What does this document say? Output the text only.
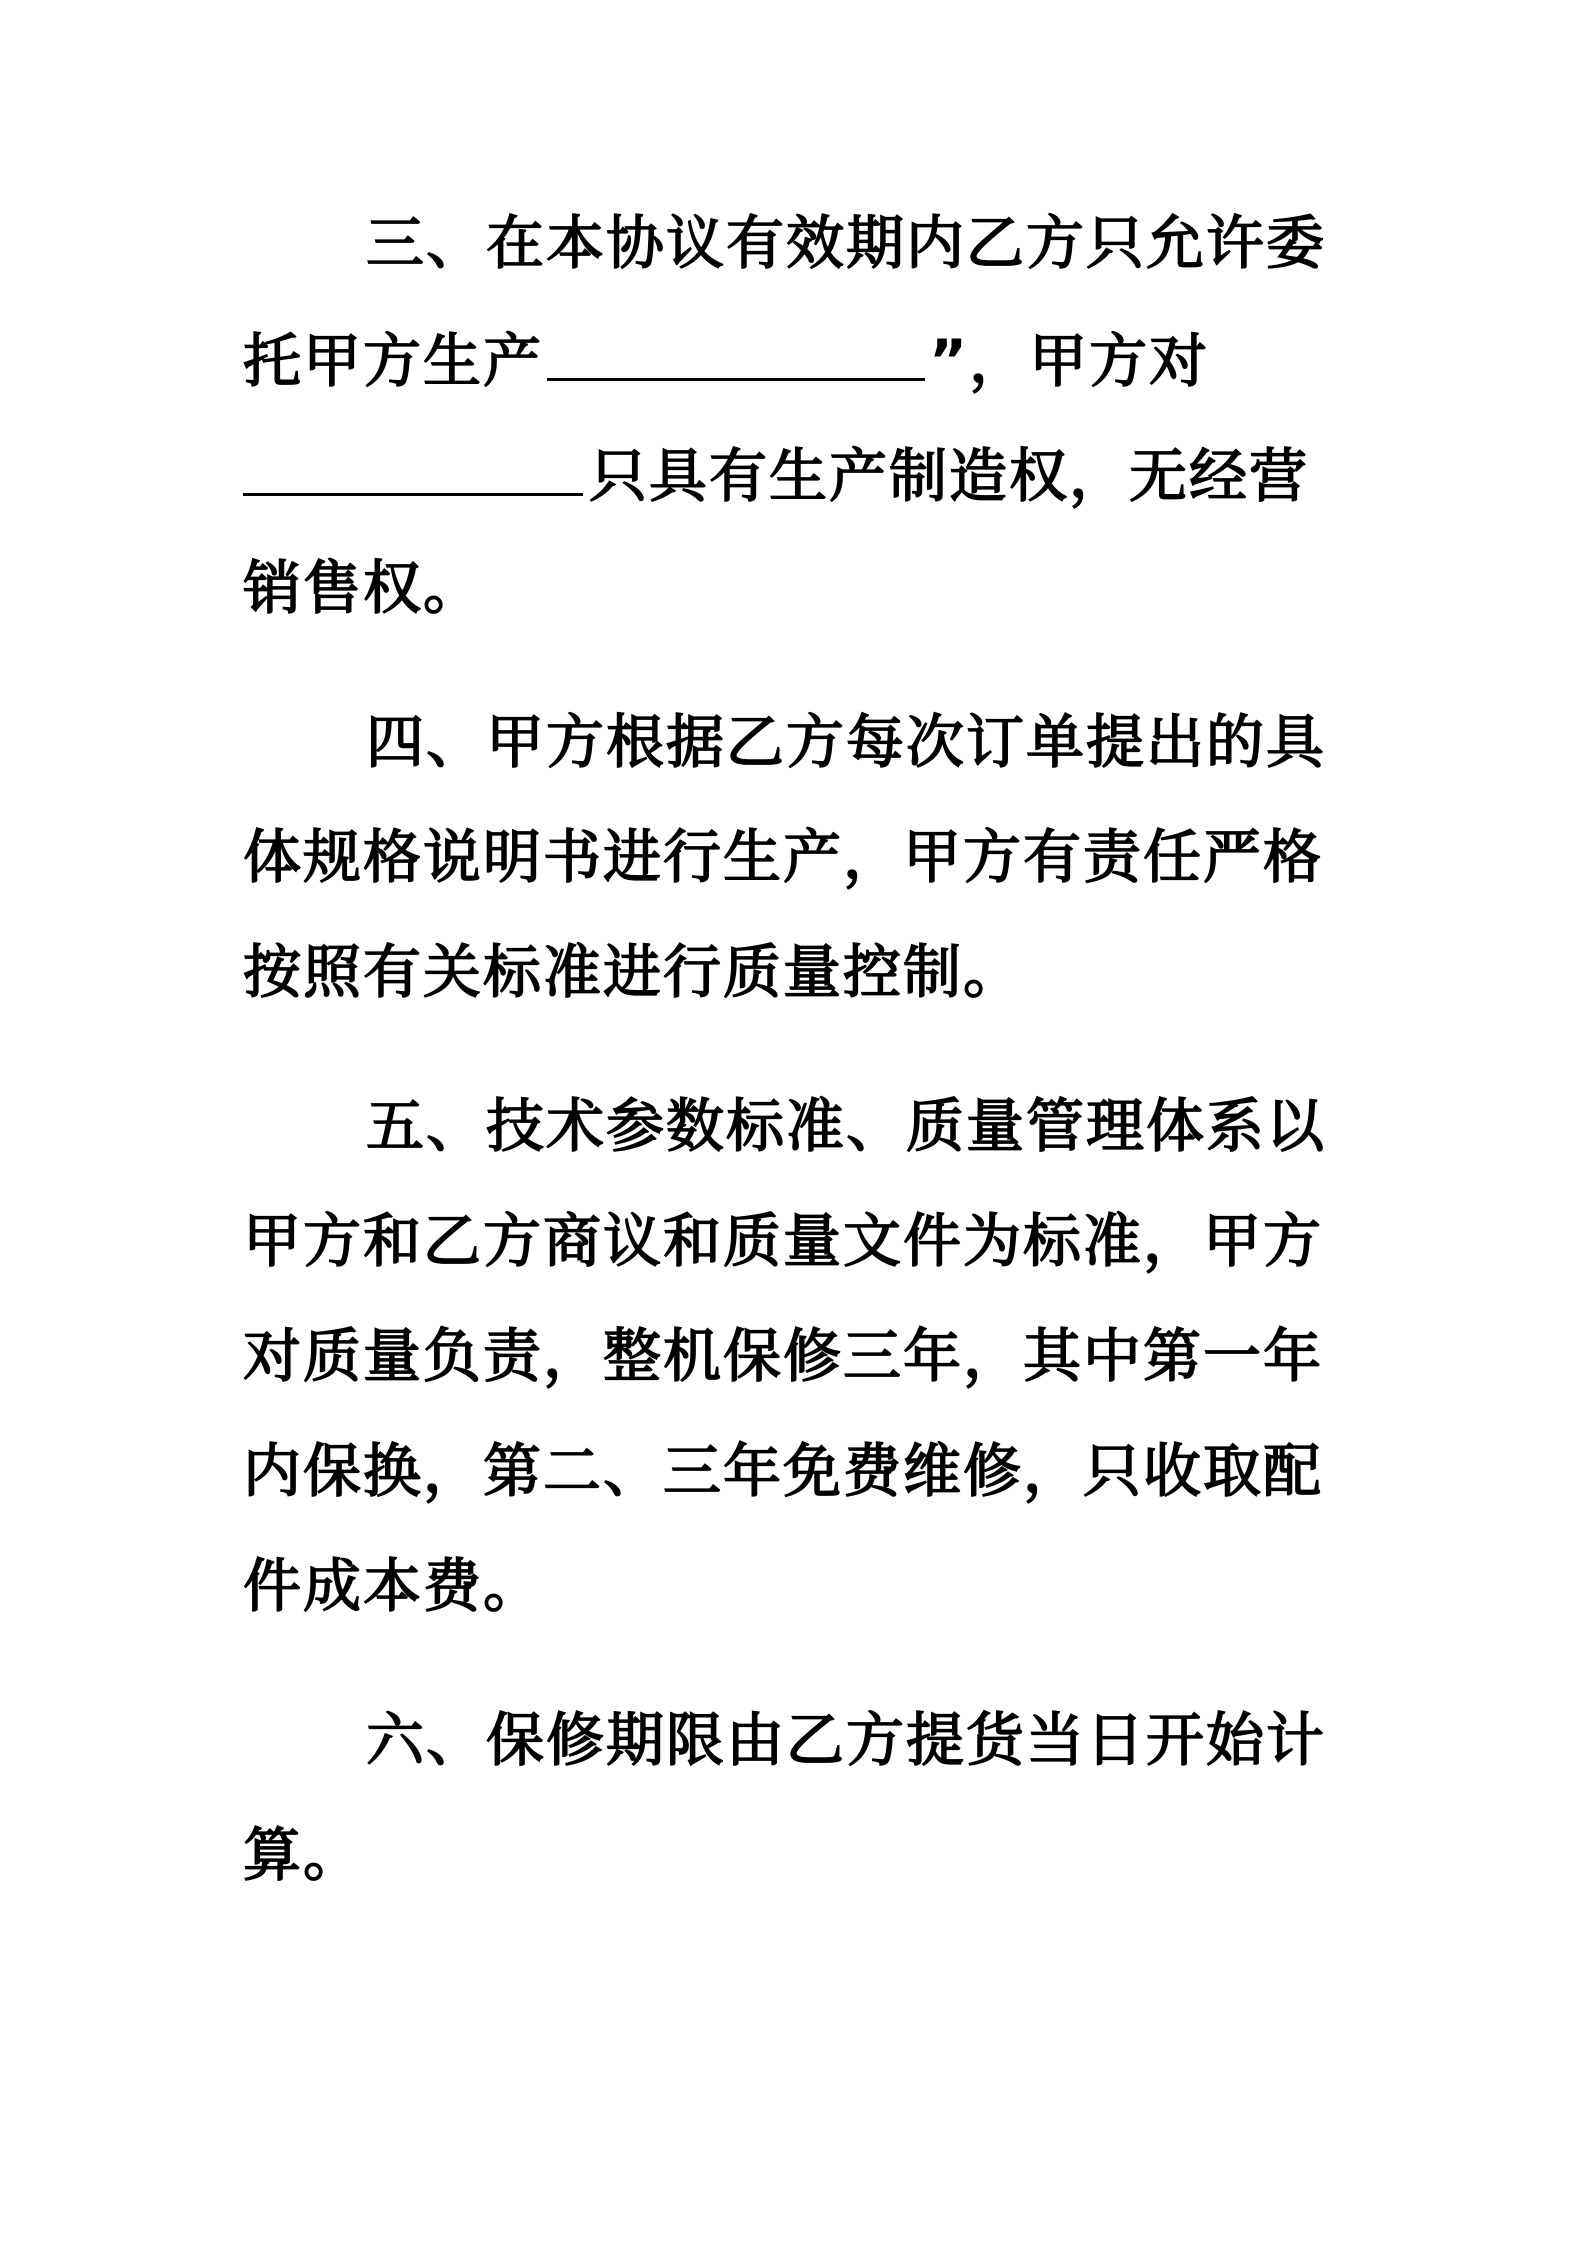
三、在本协议有效期内乙方只允许委
托甲方生产	”，甲方对
只具有生产制造权，无经营
销售权。
四、甲方根据乙方每次订单提出的具
体规格说明书进行生产，甲方有责任严格
按照有关标准进行质量控制。
五、技术参数标准、质量管理体系以
甲方和乙方商议和质量文件为标准，甲方
对质量负责，整机保修三年，其中第一年
内保换，第二、三年免费维修，只收取配
件成本费。
六、保修期限由乙方提货当日开始计
算。
